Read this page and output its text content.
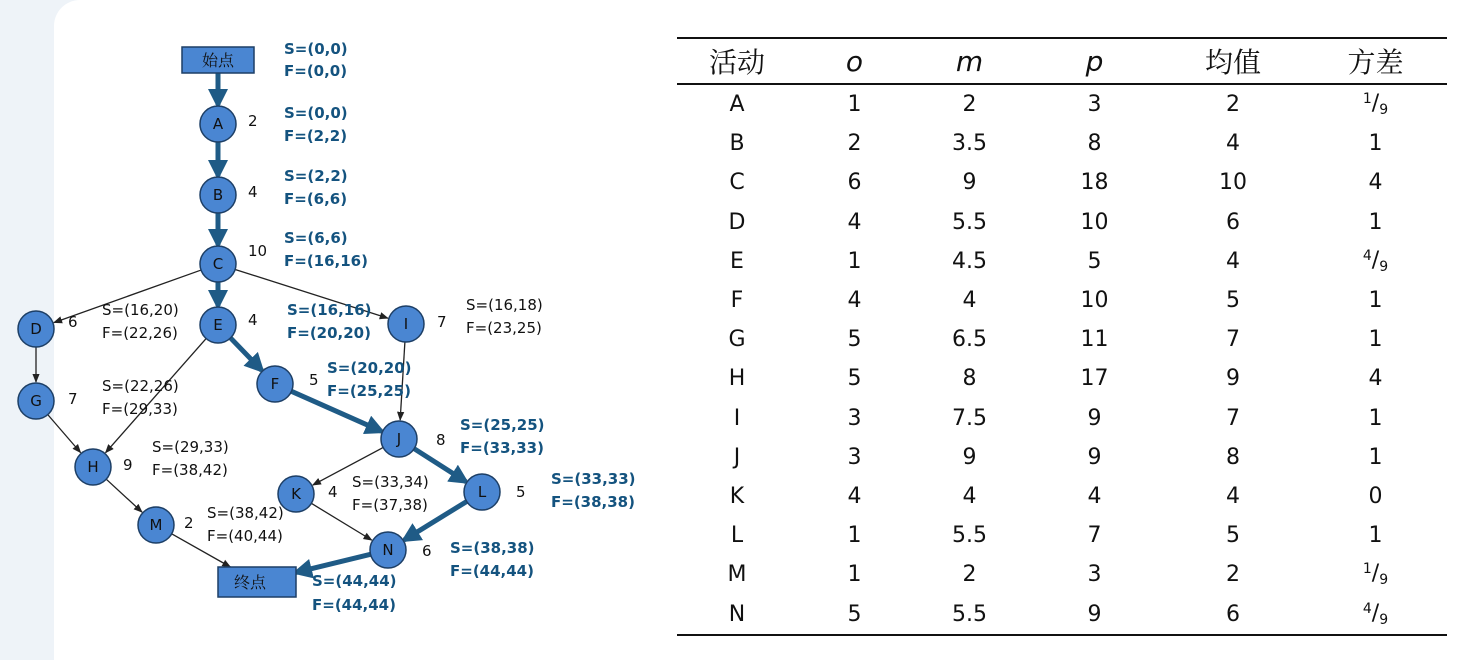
始点
终点
A
B
C
D	E	I
G
F
H
J
K	L
M
N
2 S=(0,0)
F=(2,2)
4
S=(2,2)
F=(6,6)
10
S=(6,6)
F=(16,16)
6
S=(16,20)
F=(22,26)
4
S=(16,16)
F=(20,20)
7
S=(16,18)
F=(23,25)
7
S=(22,26)
F=(29,33)
5
S=(20,20)
F=(25,25)
9
S=(29,33)
F=(38,42)
8
S=(25,25)
F=(33,33)
4
S=(33,34)
F=(37,38)
5
S=(33,33)
F=(38,38)
2
S=(38,42)
F=(40,44)
6 S=(38,38)
F=(44,44)
S=(0,0)
F=(0,0)
S=(44,44)
F=(44,44)
活动	o	m	p	均值	方差
A	1	2	3	2	$^1/_9$
B	2	3.5	8	4	1
C	6	9	18	10	4
D	4	5.5	10	6	1
E	1	4.5	5	4	$^4/_9$
F	4	4	10	5	1
G	5	6.5	11	7	1
H	5	8	17	9	4
I	3	7.5	9	7	1
J	3	9	9	8	1
K	4	4	4	4	0
L	1	5.5	7	5	1
M	1	2	3	2	$^1/_9$
N	5	5.5	9	6	$^4/_9$
